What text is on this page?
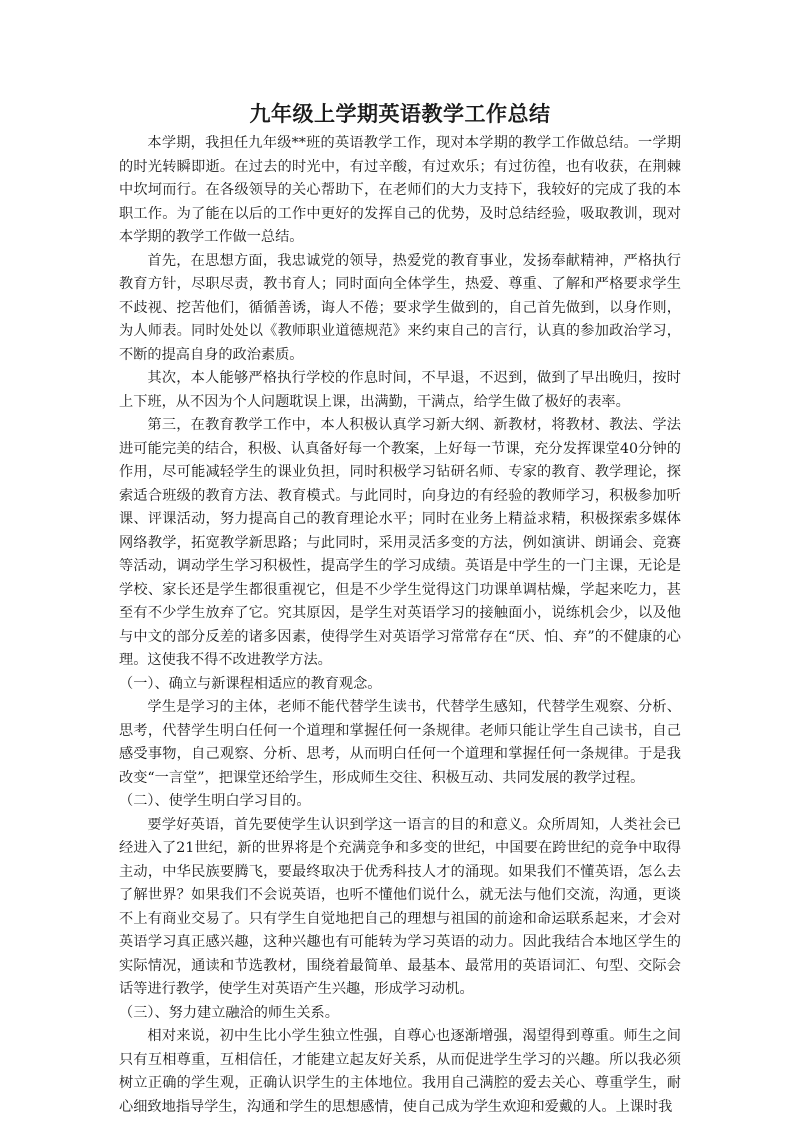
九年级上学期英语教学工作总结

本学期，我担任九年级**班的英语教学工作，现对本学期的教学工作做总结。一学期的时光转瞬即逝。在过去的时光中，有过辛酸，有过欢乐；有过彷徨，也有收获，在荆棘中坎坷而行。在各级领导的关心帮助下，在老师们的大力支持下，我较好的完成了我的本职工作。为了能在以后的工作中更好的发挥自己的优势，及时总结经验，吸取教训，现对本学期的教学工作做一总结。

首先，在思想方面，我忠诚党的领导，热爱党的教育事业，发扬奉献精神，严格执行教育方针，尽职尽责，教书育人；同时面向全体学生，热爱、尊重、了解和严格要求学生不歧视、挖苦他们，循循善诱，诲人不倦；要求学生做到的，自己首先做到，以身作则，为人师表。同时处处以《教师职业道德规范》来约束自己的言行，认真的参加政治学习，不断的提高自身的政治素质。

其次，本人能够严格执行学校的作息时间，不早退，不迟到，做到了早出晚归，按时上下班，从不因为个人问题耽误上课，出满勤，干满点，给学生做了极好的表率。

第三，在教育教学工作中，本人积极认真学习新大纲、新教材，将教材、教法、学法进可能完美的结合，积极、认真备好每一个教案，上好每一节课，充分发挥课堂40分钟的作用，尽可能减轻学生的课业负担，同时积极学习钻研名师、专家的教育、教学理论，探索适合班级的教育方法、教育模式。与此同时，向身边的有经验的教师学习，积极参加听课、评课活动，努力提高自己的教育理论水平；同时在业务上精益求精，积极探索多媒体网络教学，拓宽教学新思路；与此同时，采用灵活多变的方法，例如演讲、朗诵会、竞赛等活动，调动学生学习积极性，提高学生的学习成绩。英语是中学生的一门主课，无论是学校、家长还是学生都很重视它，但是不少学生觉得这门功课单调枯燥，学起来吃力，甚至有不少学生放弃了它。究其原因，是学生对英语学习的接触面小，说练机会少，以及他与中文的部分反差的诸多因素，使得学生对英语学习常常存在“厌、怕、弃”的不健康的心理。这使我不得不改进教学方法。

（一）、确立与新课程相适应的教育观念。

学生是学习的主体，老师不能代替学生读书，代替学生感知，代替学生观察、分析、思考，代替学生明白任何一个道理和掌握任何一条规律。老师只能让学生自己读书，自己感受事物，自己观察、分析、思考，从而明白任何一个道理和掌握任何一条规律。于是我改变“一言堂”，把课堂还给学生，形成师生交往、积极互动、共同发展的教学过程。

（二）、使学生明白学习目的。

要学好英语，首先要使学生认识到学这一语言的目的和意义。众所周知，人类社会已经进入了21世纪，新的世界将是个充满竞争和多变的世纪，中国要在跨世纪的竞争中取得主动，中华民族要腾飞，要最终取决于优秀科技人才的涌现。如果我们不懂英语，怎么去了解世界？如果我们不会说英语，也听不懂他们说什么，就无法与他们交流，沟通，更谈不上有商业交易了。只有学生自觉地把自己的理想与祖国的前途和命运联系起来，才会对英语学习真正感兴趣，这种兴趣也有可能转为学习英语的动力。因此我结合本地区学生的实际情况，通读和节选教材，围绕着最简单、最基本、最常用的英语词汇、句型、交际会话等进行教学，使学生对英语产生兴趣，形成学习动机。

（三）、努力建立融洽的师生关系。

相对来说，初中生比小学生独立性强，自尊心也逐渐增强，渴望得到尊重。师生之间只有互相尊重，互相信任，才能建立起友好关系，从而促进学生学习的兴趣。所以我必须树立正确的学生观，正确认识学生的主体地位。我用自己满腔的爱去关心、尊重学生，耐心细致地指导学生，沟通和学生的思想感情，使自己成为学生欢迎和爱戴的人。上课时我
